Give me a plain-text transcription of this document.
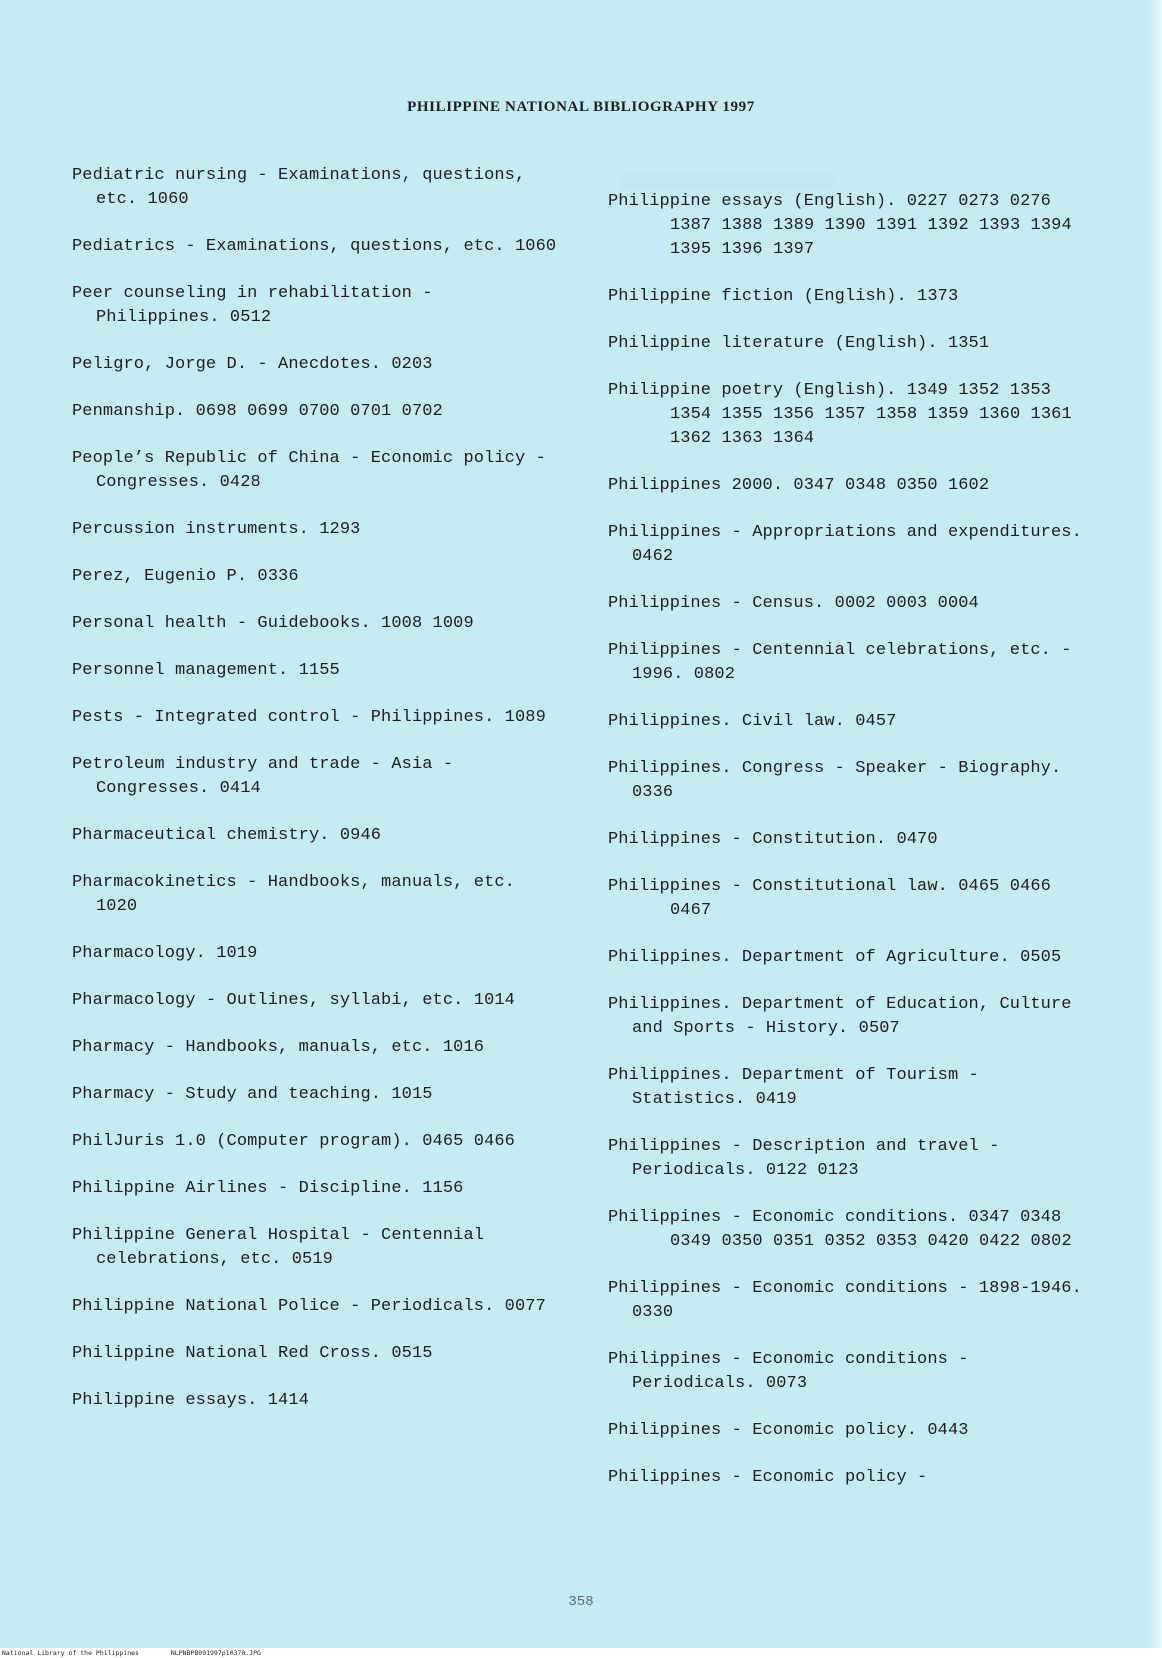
░░░░░░░░░░░░░░░░░░░░░░░░
PHILIPPINE NATIONAL BIBLIOGRAPHY 1997
Pediatric nursing - Examinations, questions, etc. 1060
Pediatrics - Examinations, questions, etc. 1060
Peer counseling in rehabilitation - Philippines. 0512
Peligro, Jorge D. - Anecdotes. 0203
Penmanship. 0698 0699 0700 0701 0702
People’s Republic of China - Economic policy - Congresses. 0428
Percussion instruments. 1293
Perez, Eugenio P. 0336
Personal health - Guidebooks. 1008 1009
Personnel management. 1155
Pests - Integrated control - Philippines. 1089
Petroleum industry and trade - Asia - Congresses. 0414
Pharmaceutical chemistry. 0946
Pharmacokinetics - Handbooks, manuals, etc. 1020
Pharmacology. 1019
Pharmacology - Outlines, syllabi, etc. 1014
Pharmacy - Handbooks, manuals, etc. 1016
Pharmacy - Study and teaching. 1015
PhilJuris 1.0 (Computer program). 0465 0466
Philippine Airlines - Discipline. 1156
Philippine General Hospital - Centennial celebrations, etc. 0519
Philippine National Police - Periodicals. 0077
Philippine National Red Cross. 0515
Philippine essays. 1414
Philippine essays (English). 0227 0273 0276 1387 1388 1389 1390 1391 1392 1393 1394 1395 1396 1397
Philippine fiction (English). 1373
Philippine literature (English). 1351
Philippine poetry (English). 1349 1352 1353 1354 1355 1356 1357 1358 1359 1360 1361 1362 1363 1364
Philippines 2000. 0347 0348 0350 1602
Philippines - Appropriations and expenditures. 0462
Philippines - Census. 0002 0003 0004
Philippines - Centennial celebrations, etc. - 1996. 0802
Philippines. Civil law. 0457
Philippines. Congress - Speaker - Biography. 0336
Philippines - Constitution. 0470
Philippines - Constitutional law. 0465 0466 0467
Philippines. Department of Agriculture. 0505
Philippines. Department of Education, Culture and Sports - History. 0507
Philippines. Department of Tourism - Statistics. 0419
Philippines - Description and travel - Periodicals. 0122 0123
Philippines - Economic conditions. 0347 0348 0349 0350 0351 0352 0353 0420 0422 0802
Philippines - Economic conditions - 1898-1946. 0330
Philippines - Economic conditions - Periodicals. 0073
Philippines - Economic policy. 0443
Philippines - Economic policy -
358
National Library of the Philippines	NLPNBPB091997p10370.JPG
